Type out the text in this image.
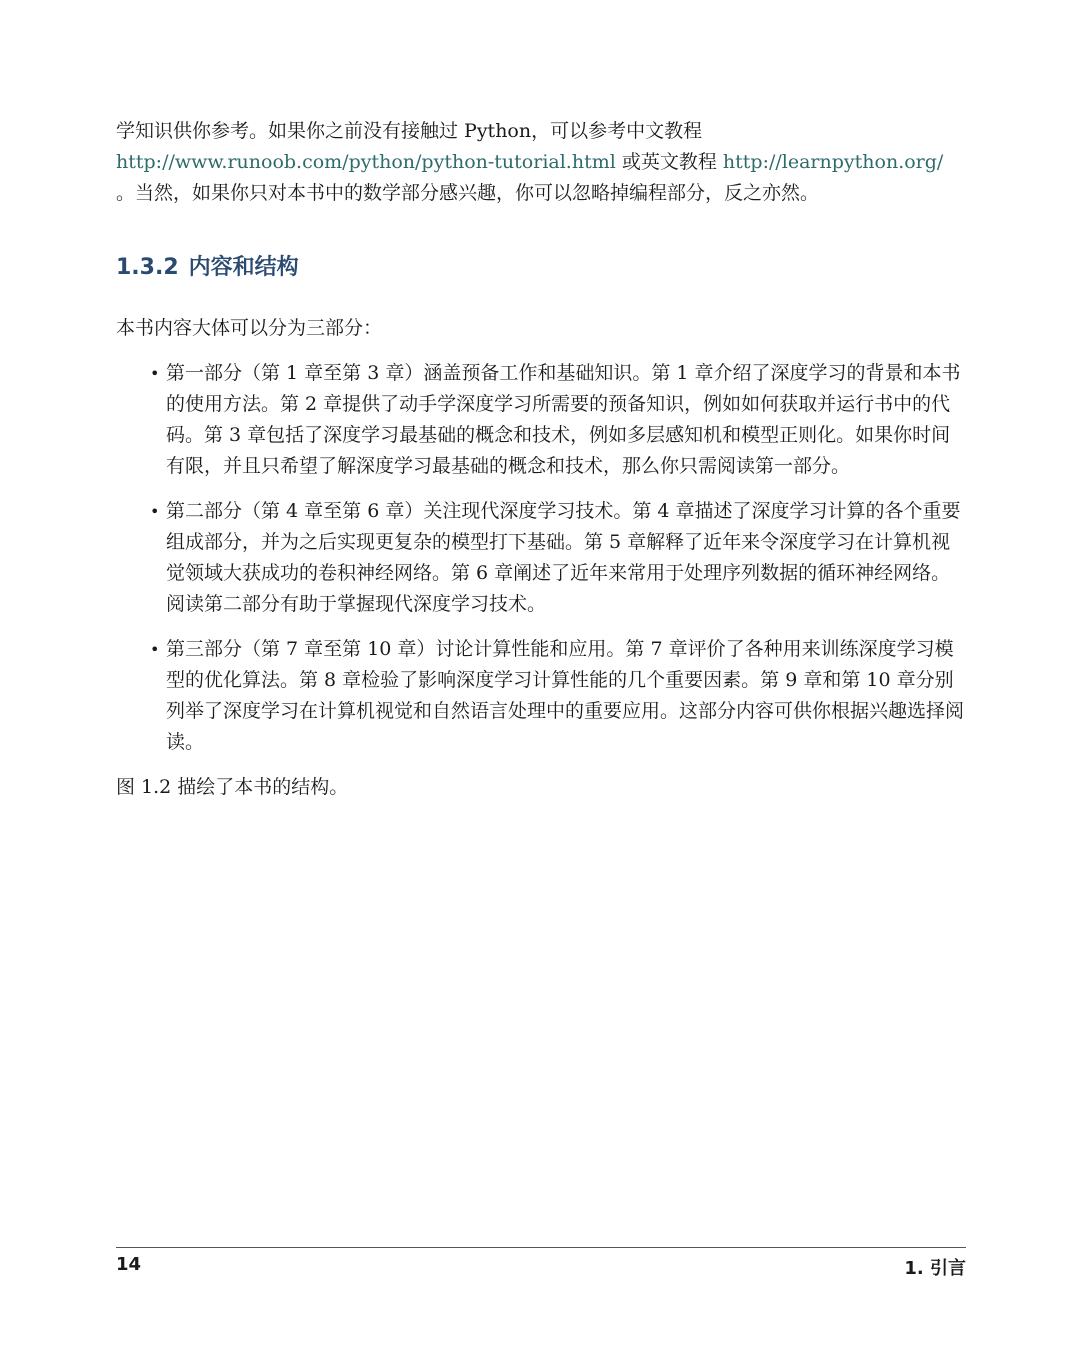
学知识供你参考。如果你之前没有接触过 Python，可以参考中文教程 http://www.runoob.com/python/python-tutorial.html 或英文教程 http://learnpython.org/ 。当然，如果你只对本书中的数学部分感兴趣，你可以忽略掉编程部分，反之亦然。

1.3.2 内容和结构

本书内容大体可以分为三部分：

• 第一部分（第 1 章至第 3 章）涵盖预备工作和基础知识。第 1 章介绍了深度学习的背景和本书的使用方法。第 2 章提供了动手学深度学习所需要的预备知识，例如如何获取并运行书中的代码。第 3 章包括了深度学习最基础的概念和技术，例如多层感知机和模型正则化。如果你时间有限，并且只希望了解深度学习最基础的概念和技术，那么你只需阅读第一部分。
• 第二部分（第 4 章至第 6 章）关注现代深度学习技术。第 4 章描述了深度学习计算的各个重要组成部分，并为之后实现更复杂的模型打下基础。第 5 章解释了近年来令深度学习在计算机视觉领域大获成功的卷积神经网络。第 6 章阐述了近年来常用于处理序列数据的循环神经网络。阅读第二部分有助于掌握现代深度学习技术。
• 第三部分（第 7 章至第 10 章）讨论计算性能和应用。第 7 章评价了各种用来训练深度学习模型的优化算法。第 8 章检验了影响深度学习计算性能的几个重要因素。第 9 章和第 10 章分别列举了深度学习在计算机视觉和自然语言处理中的重要应用。这部分内容可供你根据兴趣选择阅读。

图 1.2 描绘了本书的结构。

14	1. 引言
